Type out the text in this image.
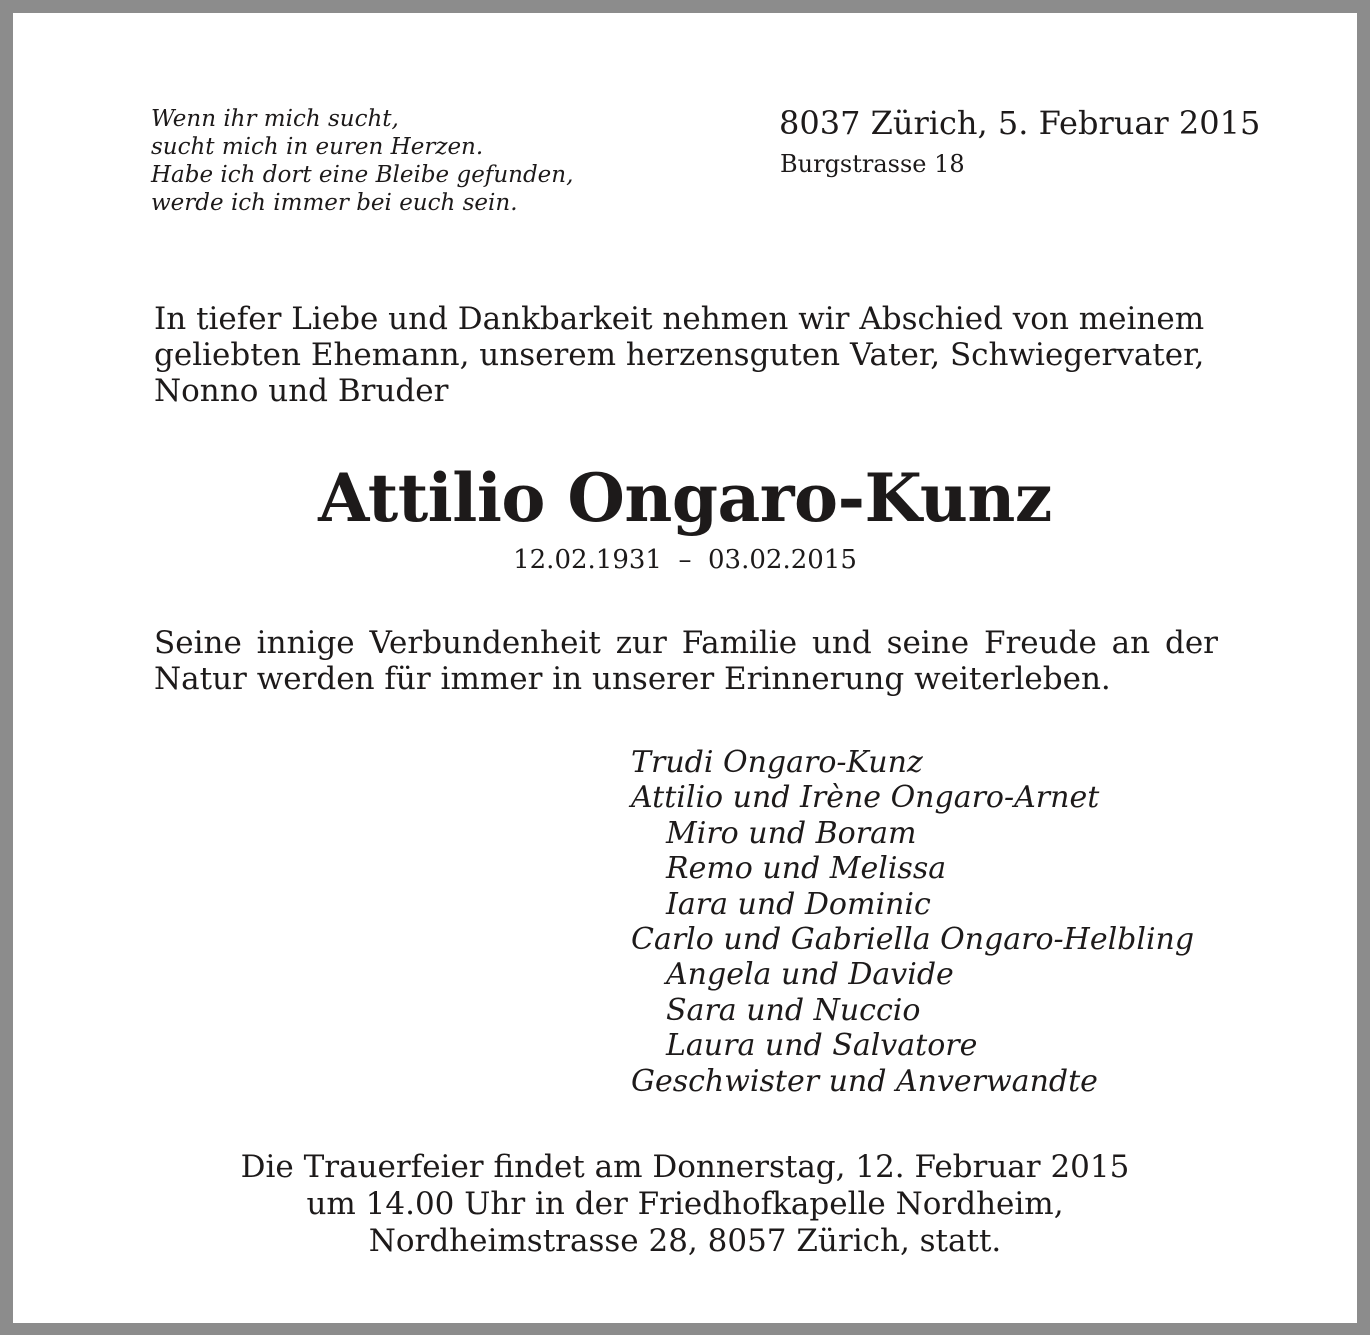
Wenn ihr mich sucht,
sucht mich in euren Herzen.
Habe ich dort eine Bleibe gefunden,
werde ich immer bei euch sein.
8037 Zürich, 5. Februar 2015
Burgstrasse 18
In tiefer Liebe und Dankbarkeit nehmen wir Abschied von meinem
geliebten Ehemann, unserem herzensguten Vater, Schwiegervater,
Nonno und Bruder
Attilio Ongaro-Kunz
12.02.1931  –  03.02.2015
Seine innige Verbundenheit zur Familie und seine Freude an der Natur werden für immer in unserer Erinnerung weiterleben.
Trudi Ongaro-Kunz
Attilio und Irène Ongaro-Arnet
Miro und Boram
Remo und Melissa
Iara und Dominic
Carlo und Gabriella Ongaro-Helbling
Angela und Davide
Sara und Nuccio
Laura und Salvatore
Geschwister und Anverwandte
Die Trauerfeier findet am Donnerstag, 12. Februar 2015
um 14.00 Uhr in der Friedhofkapelle Nordheim,
Nordheimstrasse 28, 8057 Zürich, statt.
